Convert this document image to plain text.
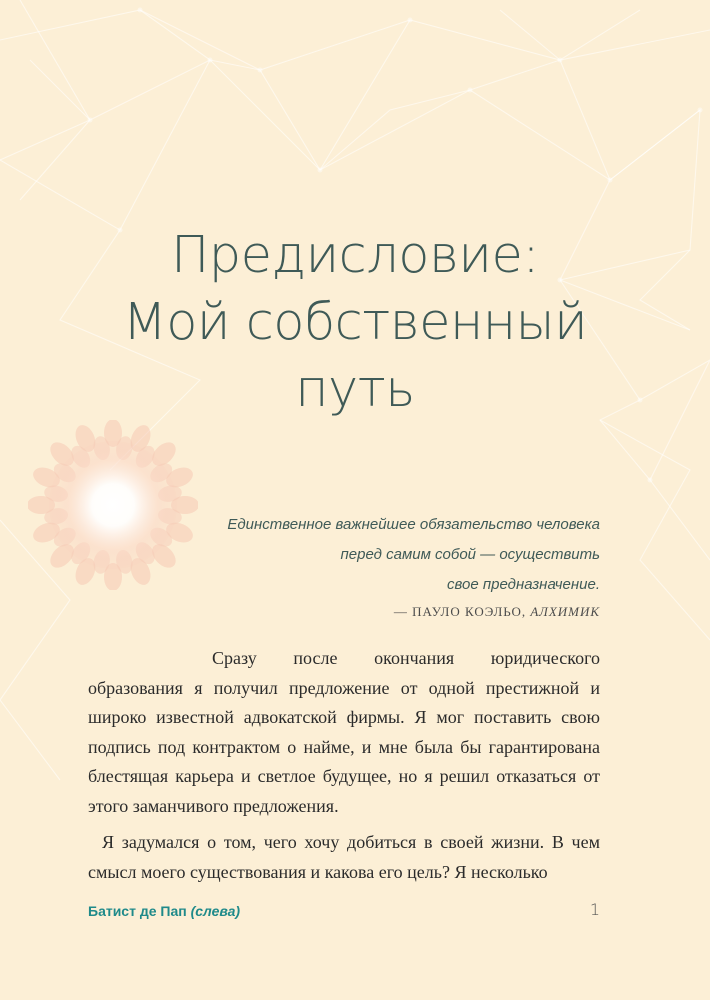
Предисловие:
Мой собственный
путь
Единственное важнейшее обязательство человека
перед самим собой — осуществить
свое предназначение.
— ПАУЛО КОЭЛЬО, АЛХИМИК

Сразу после окончания юридического образования я получил предложение от одной престижной и широко известной адвокатской фирмы. Я мог поставить свою подпись под контрактом о найме, и мне была бы гарантирована блестящая карьера и светлое будущее, но я решил отказаться от этого заманчивого предложения.

Я задумался о том, чего хочу добиться в своей жизни. В чем смысл моего существования и какова его цель? Я несколько

Батист де Пап (слева)	1
